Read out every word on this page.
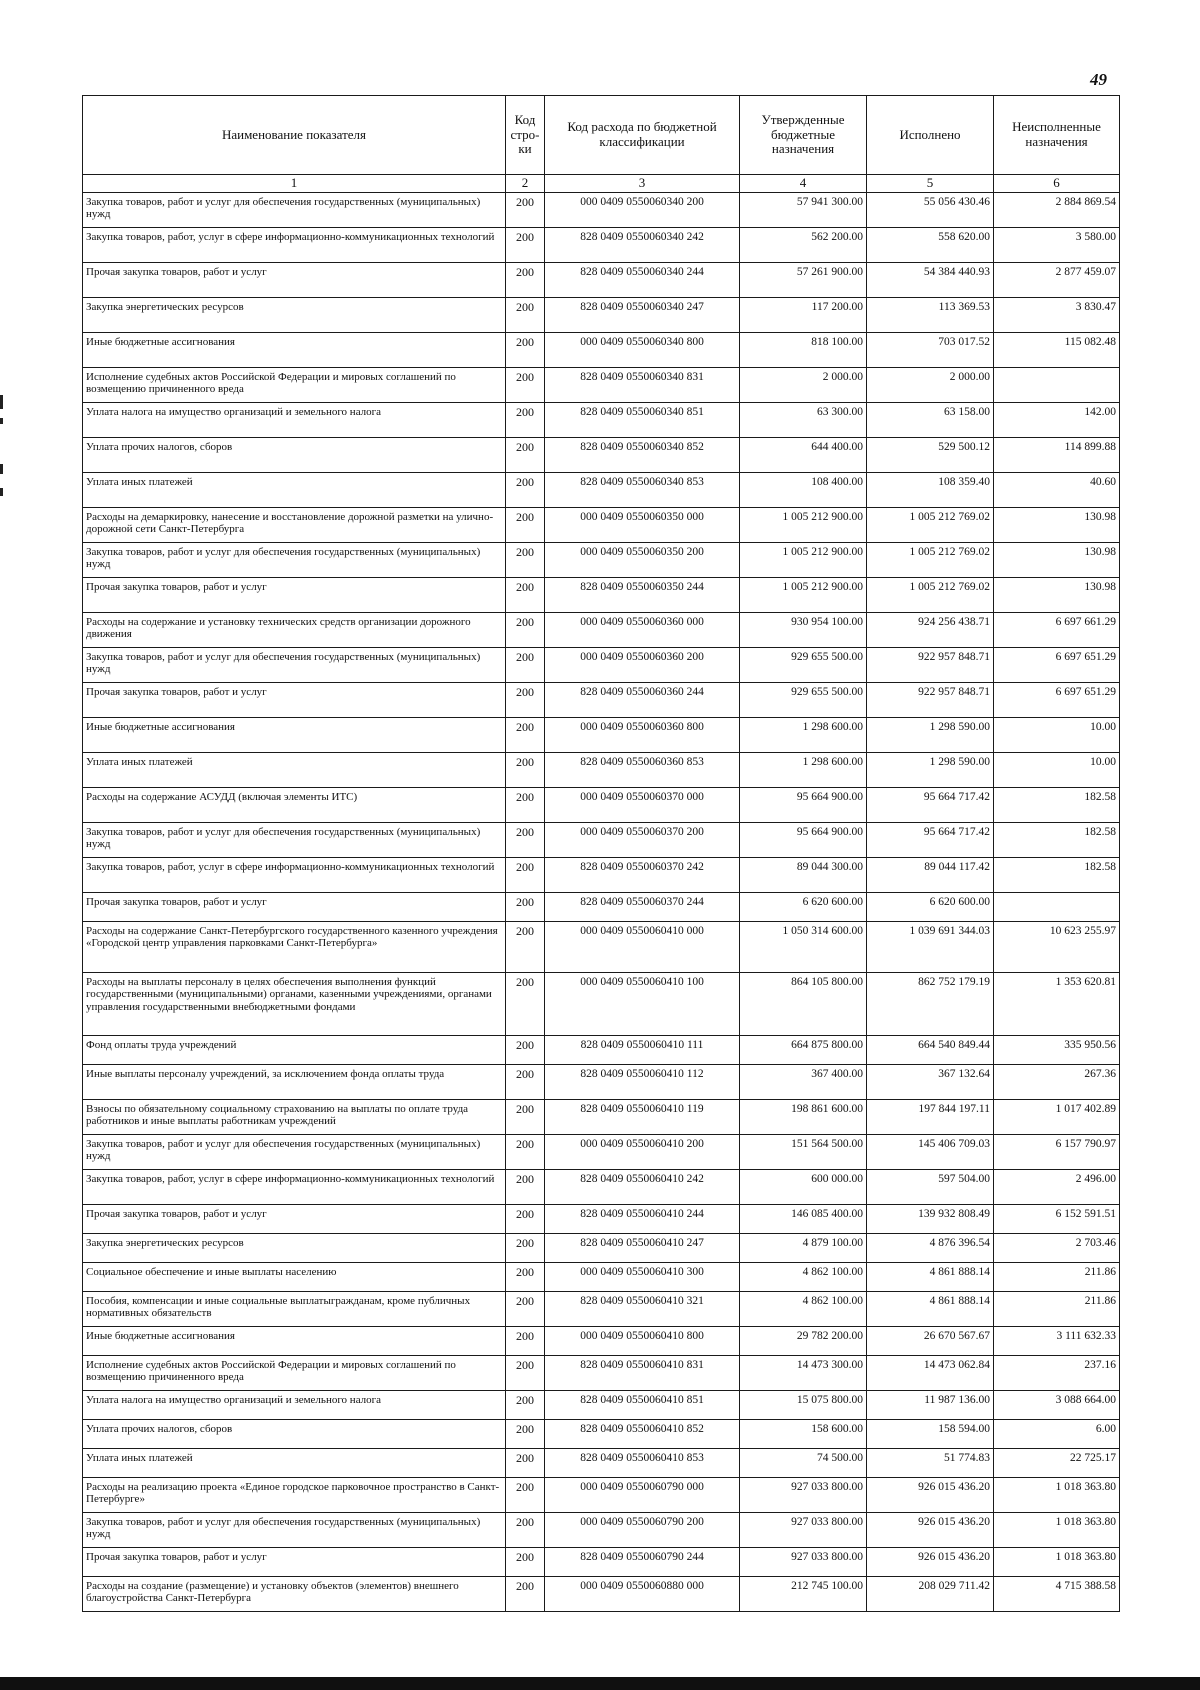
49
Наименование показателя	Код стро-ки	Код расхода по бюджетной классификации	Утвержденные бюджетные назначения	Исполнено	Неисполненные назначения
1	2	3	4	5	6
Закупка товаров, работ и услуг для обеспечения государственных (муниципальных) нужд	200	000 0409 0550060340 200	57 941 300.00	55 056 430.46	2 884 869.54
Закупка товаров, работ, услуг в сфере информационно-коммуникационных технологий	200	828 0409 0550060340 242	562 200.00	558 620.00	3 580.00
Прочая закупка товаров, работ и услуг	200	828 0409 0550060340 244	57 261 900.00	54 384 440.93	2 877 459.07
Закупка энергетических ресурсов	200	828 0409 0550060340 247	117 200.00	113 369.53	3 830.47
Иные бюджетные ассигнования	200	000 0409 0550060340 800	818 100.00	703 017.52	115 082.48
Исполнение судебных актов Российской Федерации и мировых соглашений по возмещению причиненного вреда	200	828 0409 0550060340 831	2 000.00	2 000.00	
Уплата налога на имущество организаций и земельного налога	200	828 0409 0550060340 851	63 300.00	63 158.00	142.00
Уплата прочих налогов, сборов	200	828 0409 0550060340 852	644 400.00	529 500.12	114 899.88
Уплата иных платежей	200	828 0409 0550060340 853	108 400.00	108 359.40	40.60
Расходы на демаркировку, нанесение и восстановление дорожной разметки на улично-дорожной сети Санкт-Петербурга	200	000 0409 0550060350 000	1 005 212 900.00	1 005 212 769.02	130.98
Закупка товаров, работ и услуг для обеспечения государственных (муниципальных) нужд	200	000 0409 0550060350 200	1 005 212 900.00	1 005 212 769.02	130.98
Прочая закупка товаров, работ и услуг	200	828 0409 0550060350 244	1 005 212 900.00	1 005 212 769.02	130.98
Расходы на содержание и установку технических средств организации дорожного движения	200	000 0409 0550060360 000	930 954 100.00	924 256 438.71	6 697 661.29
Закупка товаров, работ и услуг для обеспечения государственных (муниципальных) нужд	200	000 0409 0550060360 200	929 655 500.00	922 957 848.71	6 697 651.29
Прочая закупка товаров, работ и услуг	200	828 0409 0550060360 244	929 655 500.00	922 957 848.71	6 697 651.29
Иные бюджетные ассигнования	200	000 0409 0550060360 800	1 298 600.00	1 298 590.00	10.00
Уплата иных платежей	200	828 0409 0550060360 853	1 298 600.00	1 298 590.00	10.00
Расходы на содержание АСУДД (включая элементы ИТС)	200	000 0409 0550060370 000	95 664 900.00	95 664 717.42	182.58
Закупка товаров, работ и услуг для обеспечения государственных (муниципальных) нужд	200	000 0409 0550060370 200	95 664 900.00	95 664 717.42	182.58
Закупка товаров, работ, услуг в сфере информационно-коммуникационных технологий	200	828 0409 0550060370 242	89 044 300.00	89 044 117.42	182.58
Прочая закупка товаров, работ и услуг	200	828 0409 0550060370 244	6 620 600.00	6 620 600.00	
Расходы на содержание Санкт-Петербургского государственного казенного учреждения «Городской центр управления парковками Санкт-Петербурга»	200	000 0409 0550060410 000	1 050 314 600.00	1 039 691 344.03	10 623 255.97
Расходы на выплаты персоналу в целях обеспечения выполнения функций государственными (муниципальными) органами, казенными учреждениями, органами управления государственными внебюджетными фондами	200	000 0409 0550060410 100	864 105 800.00	862 752 179.19	1 353 620.81
Фонд оплаты труда учреждений	200	828 0409 0550060410 111	664 875 800.00	664 540 849.44	335 950.56
Иные выплаты персоналу учреждений, за исключением фонда оплаты труда	200	828 0409 0550060410 112	367 400.00	367 132.64	267.36
Взносы по обязательному социальному страхованию на выплаты по оплате труда работников и иные выплаты работникам учреждений	200	828 0409 0550060410 119	198 861 600.00	197 844 197.11	1 017 402.89
Закупка товаров, работ и услуг для обеспечения государственных (муниципальных) нужд	200	000 0409 0550060410 200	151 564 500.00	145 406 709.03	6 157 790.97
Закупка товаров, работ, услуг в сфере информационно-коммуникационных технологий	200	828 0409 0550060410 242	600 000.00	597 504.00	2 496.00
Прочая закупка товаров, работ и услуг	200	828 0409 0550060410 244	146 085 400.00	139 932 808.49	6 152 591.51
Закупка энергетических ресурсов	200	828 0409 0550060410 247	4 879 100.00	4 876 396.54	2 703.46
Социальное обеспечение и иные выплаты населению	200	000 0409 0550060410 300	4 862 100.00	4 861 888.14	211.86
Пособия, компенсации и иные социальные выплатыгражданам, кроме публичных нормативных обязательств	200	828 0409 0550060410 321	4 862 100.00	4 861 888.14	211.86
Иные бюджетные ассигнования	200	000 0409 0550060410 800	29 782 200.00	26 670 567.67	3 111 632.33
Исполнение судебных актов Российской Федерации и мировых соглашений по возмещению причиненного вреда	200	828 0409 0550060410 831	14 473 300.00	14 473 062.84	237.16
Уплата налога на имущество организаций и земельного налога	200	828 0409 0550060410 851	15 075 800.00	11 987 136.00	3 088 664.00
Уплата прочих налогов, сборов	200	828 0409 0550060410 852	158 600.00	158 594.00	6.00
Уплата иных платежей	200	828 0409 0550060410 853	74 500.00	51 774.83	22 725.17
Расходы на реализацию проекта «Единое городское парковочное пространство в Санкт-Петербурге»	200	000 0409 0550060790 000	927 033 800.00	926 015 436.20	1 018 363.80
Закупка товаров, работ и услуг для обеспечения государственных (муниципальных) нужд	200	000 0409 0550060790 200	927 033 800.00	926 015 436.20	1 018 363.80
Прочая закупка товаров, работ и услуг	200	828 0409 0550060790 244	927 033 800.00	926 015 436.20	1 018 363.80
Расходы на создание (размещение) и установку объектов (элементов) внешнего благоустройства Санкт-Петербурга	200	000 0409 0550060880 000	212 745 100.00	208 029 711.42	4 715 388.58
